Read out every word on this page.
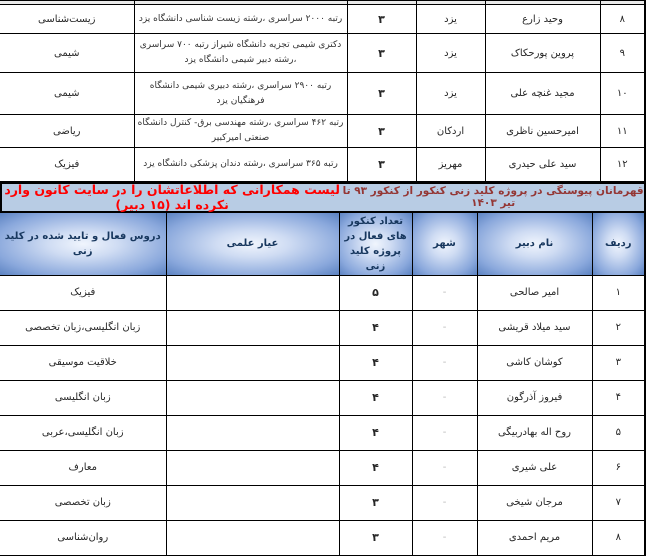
۸	وحید زارع	یزد	۳	رتبه ۲۰۰۰ سراسری ،رشته زیست شناسی دانشگاه یزد	زیست‌شناسی
۹	پروین پورحکاک	یزد	۳	دکتری شیمی تجزیه دانشگاه شیراز رتبه ۷۰۰ سراسری ،رشته دبیر شیمی دانشگاه یزد	شیمی
۱۰	مجید غنچه علی	یزد	۳	رتبه ۲۹۰۰ سراسری ،رشته دبیری شیمی دانشگاه فرهنگیان یزد	شیمی
۱۱	امیرحسین ناظری	اردکان	۳	رتبه ۴۶۲ سراسری ،رشته مهندسی برق- کنترل دانشگاه صنعتی امیرکبیر	ریاضی
۱۲	سید علی حیدری	مهریز	۳	رتبه ۳۶۵ سراسری ،رشته دندان پزشکی دانشگاه یزد	فیزیک
قهرمانان پیوستگی در پروژه کلید زنی کنکور از کنکور ۹۳ تا تیر ۱۴۰۳
لیست همکارانی که اطلاعاتشان را در سایت کانون وارد نکرده اند (۱۵ دبیر)
ردیف	نام دبیر	شهر	تعداد کنکور های فعال در پروژه کلید زنی	عیار علمی	دروس فعال و تایید شده در کلید زنی
۱	امیر صالحی	-	۵		فیزیک
۲	سید میلاد قریشی	-	۴		زبان انگلیسی،زبان تخصصی
۳	کوشان کاشی	-	۴		خلاقیت موسیقی
۴	فیروز آذرگون	-	۴		زبان انگلیسی
۵	روح اله بهادربیگی	-	۴		زبان انگلیسی،عربی
۶	علی شیری	-	۴		معارف
۷	مرجان شیخی	-	۳		زبان تخصصی
۸	مریم احمدی	-	۳		روان‌شناسی
